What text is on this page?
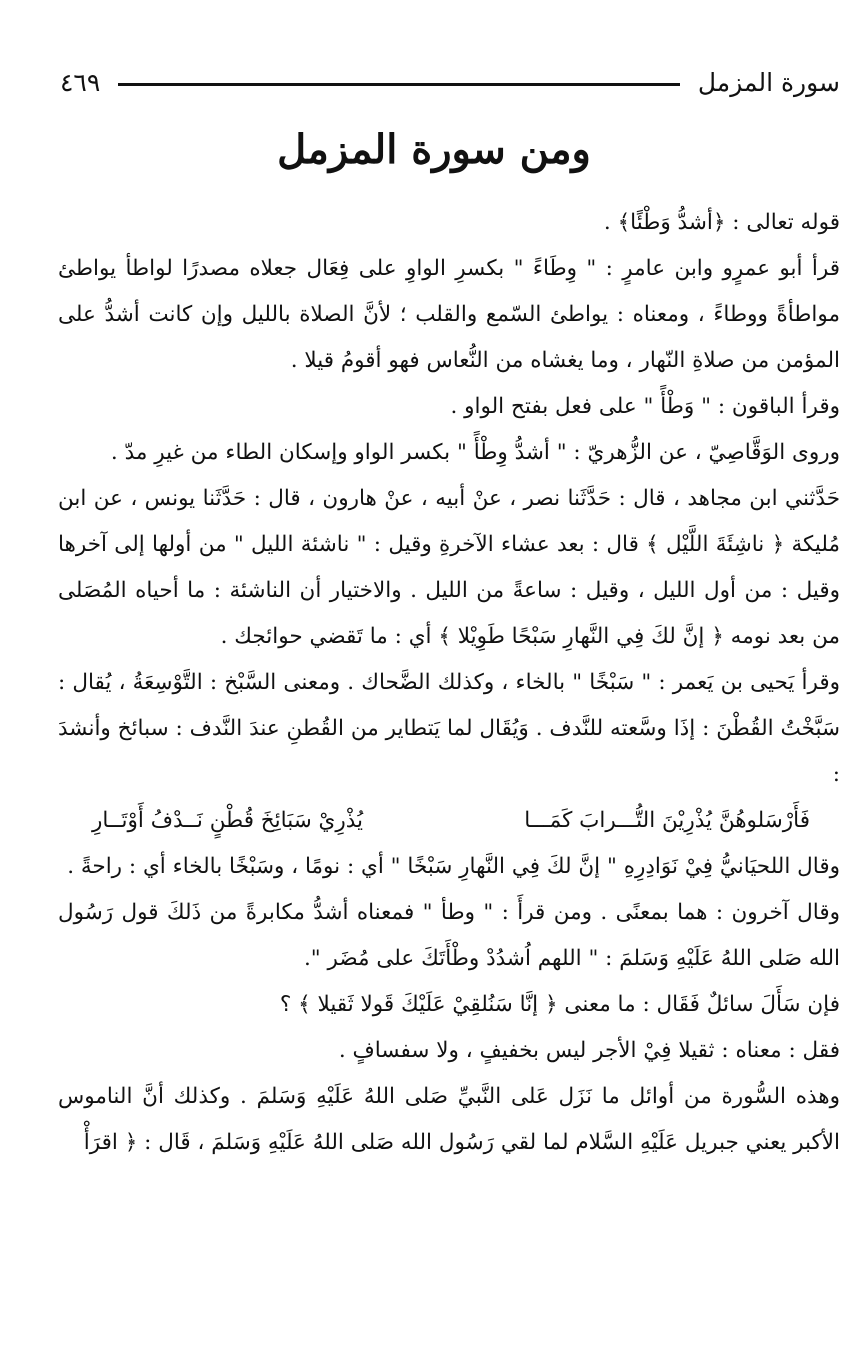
سورة المزمل
٤٦٩
ومن سورة المزمل

قوله تعالى : ﴿أشدُّ وَطْئًا﴾ .

قرأ أبو عمرٍو وابن عامرٍ : " وِطَاءً " بكسرِ الواوِ على فِعَال جعلاه مصدرًا لواطأ يواطئ مواطأةً ووطاءً ، ومعناه : يواطئ السّمع والقلب ؛ لأنَّ الصلاة بالليل وإن كانت أشدُّ على المؤمن من صلاةِ النّهار ، وما يغشاه من النُّعاس فهو أقومُ قيلا .

وقرأ الباقون : " وَطْأً " على فعل بفتح الواو .

وروى الوَقَّاصِيّ ، عن الزُّهريّ : " أشدُّ وِطْأً " بكسر الواو وإسكان الطاء من غيرِ مدّ .

حَدَّثني ابن مجاهد ، قال : حَدَّثَنا نصر ، عنْ أبيه ، عنْ هارون ، قال : حَدَّثَنا يونس ، عن ابن مُليكة ﴿ ناشِئَةَ اللَّيْل ﴾ قال : بعد عشاء الآخرةِ وقيل : " ناشئة الليل " من أولها إلى آخرها وقيل : من أول الليل ، وقيل : ساعةً من الليل . والاختيار أن الناشئة : ما أحياه المُصَلى من بعد نومه ﴿ إنَّ لكَ فِي النَّهارِ سَبْحًا طَوِيْلا ﴾ أي : ما تَقضي حوائجك .

وقرأ يَحيى بن يَعمر : " سَبْخًا " بالخاء ، وكذلك الضَّحاك . ومعنى السَّبْخ : التَّوْسِعَةُ ، يُقال : سَبَّخْتُ القُطْنَ : إذَا وسَّعته للنَّدف . وَيُقَال لما يَتطاير من القُطنِ عندَ النَّدف : سبائخ وأنشدَ :

فَأَرْسَلوهُنَّ يُذْرِيْنَ التُّـــرابَ كَمَـــا
يُذْرِيْ سَبَائِخَ قُطْنٍ نَــدْفُ أَوْتَــارِ

وقال اللحيَانيُّ فِيْ نَوَادِرِهِ " إنَّ لكَ فِي النَّهارِ سَبْخًا " أي : نومًا ، وسَبْخًا بالخاء أي : راحةً .

وقال آخرون : هما بمعنًى . ومن قرأَ : " وطأ " فمعناه أشدُّ مكابرةً من ذَلكَ قول رَسُول الله صَلى اللهُ عَلَيْهِ وَسَلمَ : " اللهم اُشدُدْ وطْأَتَكَ على مُضَر ".

فإن سَأَلَ سائلٌ فَقَال : ما معنى ﴿ إنَّا سَنُلقِيْ عَلَيْكَ قَولا ثَقيلا ﴾ ؟

فقل : معناه : ثقيلا فِيْ الأجر ليس بخفيفٍ ، ولا سفسافٍ .

وهذه السُّورة من أوائل ما نَزَل عَلى النَّبيِّ صَلى اللهُ عَلَيْهِ وَسَلمَ . وكذلك أنَّ الناموس الأكبر يعني جبريل عَلَيْهِ السَّلام لما لقي رَسُول الله صَلى اللهُ عَلَيْهِ وَسَلمَ ، قَال : ﴿ اقرَأْ
